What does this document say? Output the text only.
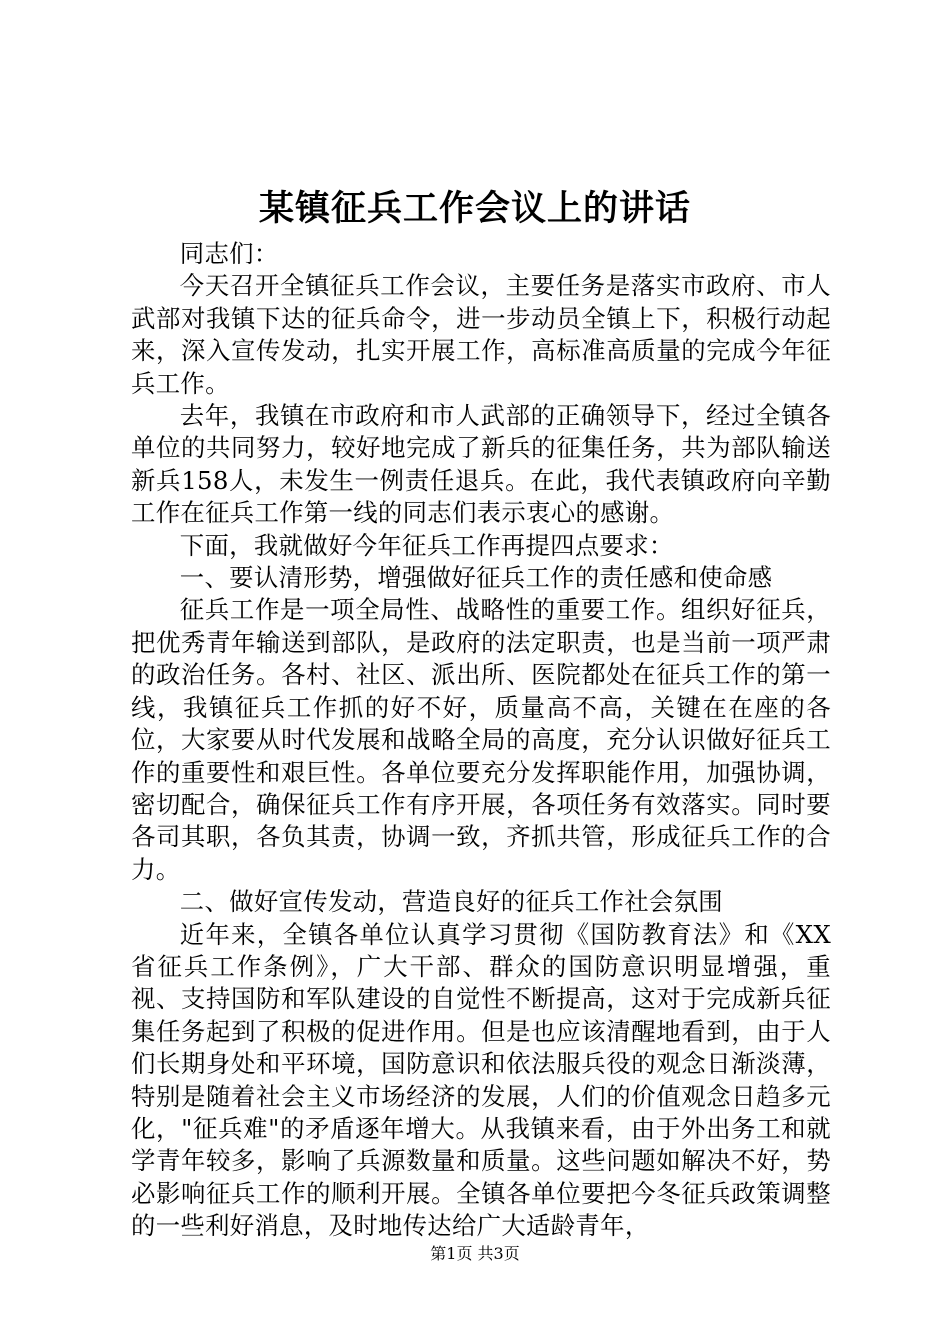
某镇征兵工作会议上的讲话

同志们：

今天召开全镇征兵工作会议，主要任务是落实市政府、市人武部对我镇下达的征兵命令，进一步动员全镇上下，积极行动起来，深入宣传发动，扎实开展工作，高标准高质量的完成今年征兵工作。

去年，我镇在市政府和市人武部的正确领导下，经过全镇各单位的共同努力，较好地完成了新兵的征集任务，共为部队输送新兵158人，未发生一例责任退兵。在此，我代表镇政府向辛勤工作在征兵工作第一线的同志们表示衷心的感谢。

下面，我就做好今年征兵工作再提四点要求：

一、要认清形势，增强做好征兵工作的责任感和使命感

征兵工作是一项全局性、战略性的重要工作。组织好征兵，把优秀青年输送到部队，是政府的法定职责，也是当前一项严肃的政治任务。各村、社区、派出所、医院都处在征兵工作的第一线，我镇征兵工作抓的好不好，质量高不高，关键在在座的各位，大家要从时代发展和战略全局的高度，充分认识做好征兵工作的重要性和艰巨性。各单位要充分发挥职能作用，加强协调，密切配合，确保征兵工作有序开展，各项任务有效落实。同时要各司其职，各负其责，协调一致，齐抓共管，形成征兵工作的合力。

二、做好宣传发动，营造良好的征兵工作社会氛围

近年来，全镇各单位认真学习贯彻《国防教育法》和《XX省征兵工作条例》，广大干部、群众的国防意识明显增强，重视、支持国防和军队建设的自觉性不断提高，这对于完成新兵征集任务起到了积极的促进作用。但是也应该清醒地看到，由于人们长期身处和平环境，国防意识和依法服兵役的观念日渐淡薄，特别是随着社会主义市场经济的发展，人们的价值观念日趋多元化，"征兵难"的矛盾逐年增大。从我镇来看，由于外出务工和就学青年较多，影响了兵源数量和质量。这些问题如解决不好，势必影响征兵工作的顺利开展。全镇各单位要把今冬征兵政策调整的一些利好消息，及时地传达给广大适龄青年，

第1页 共3页
